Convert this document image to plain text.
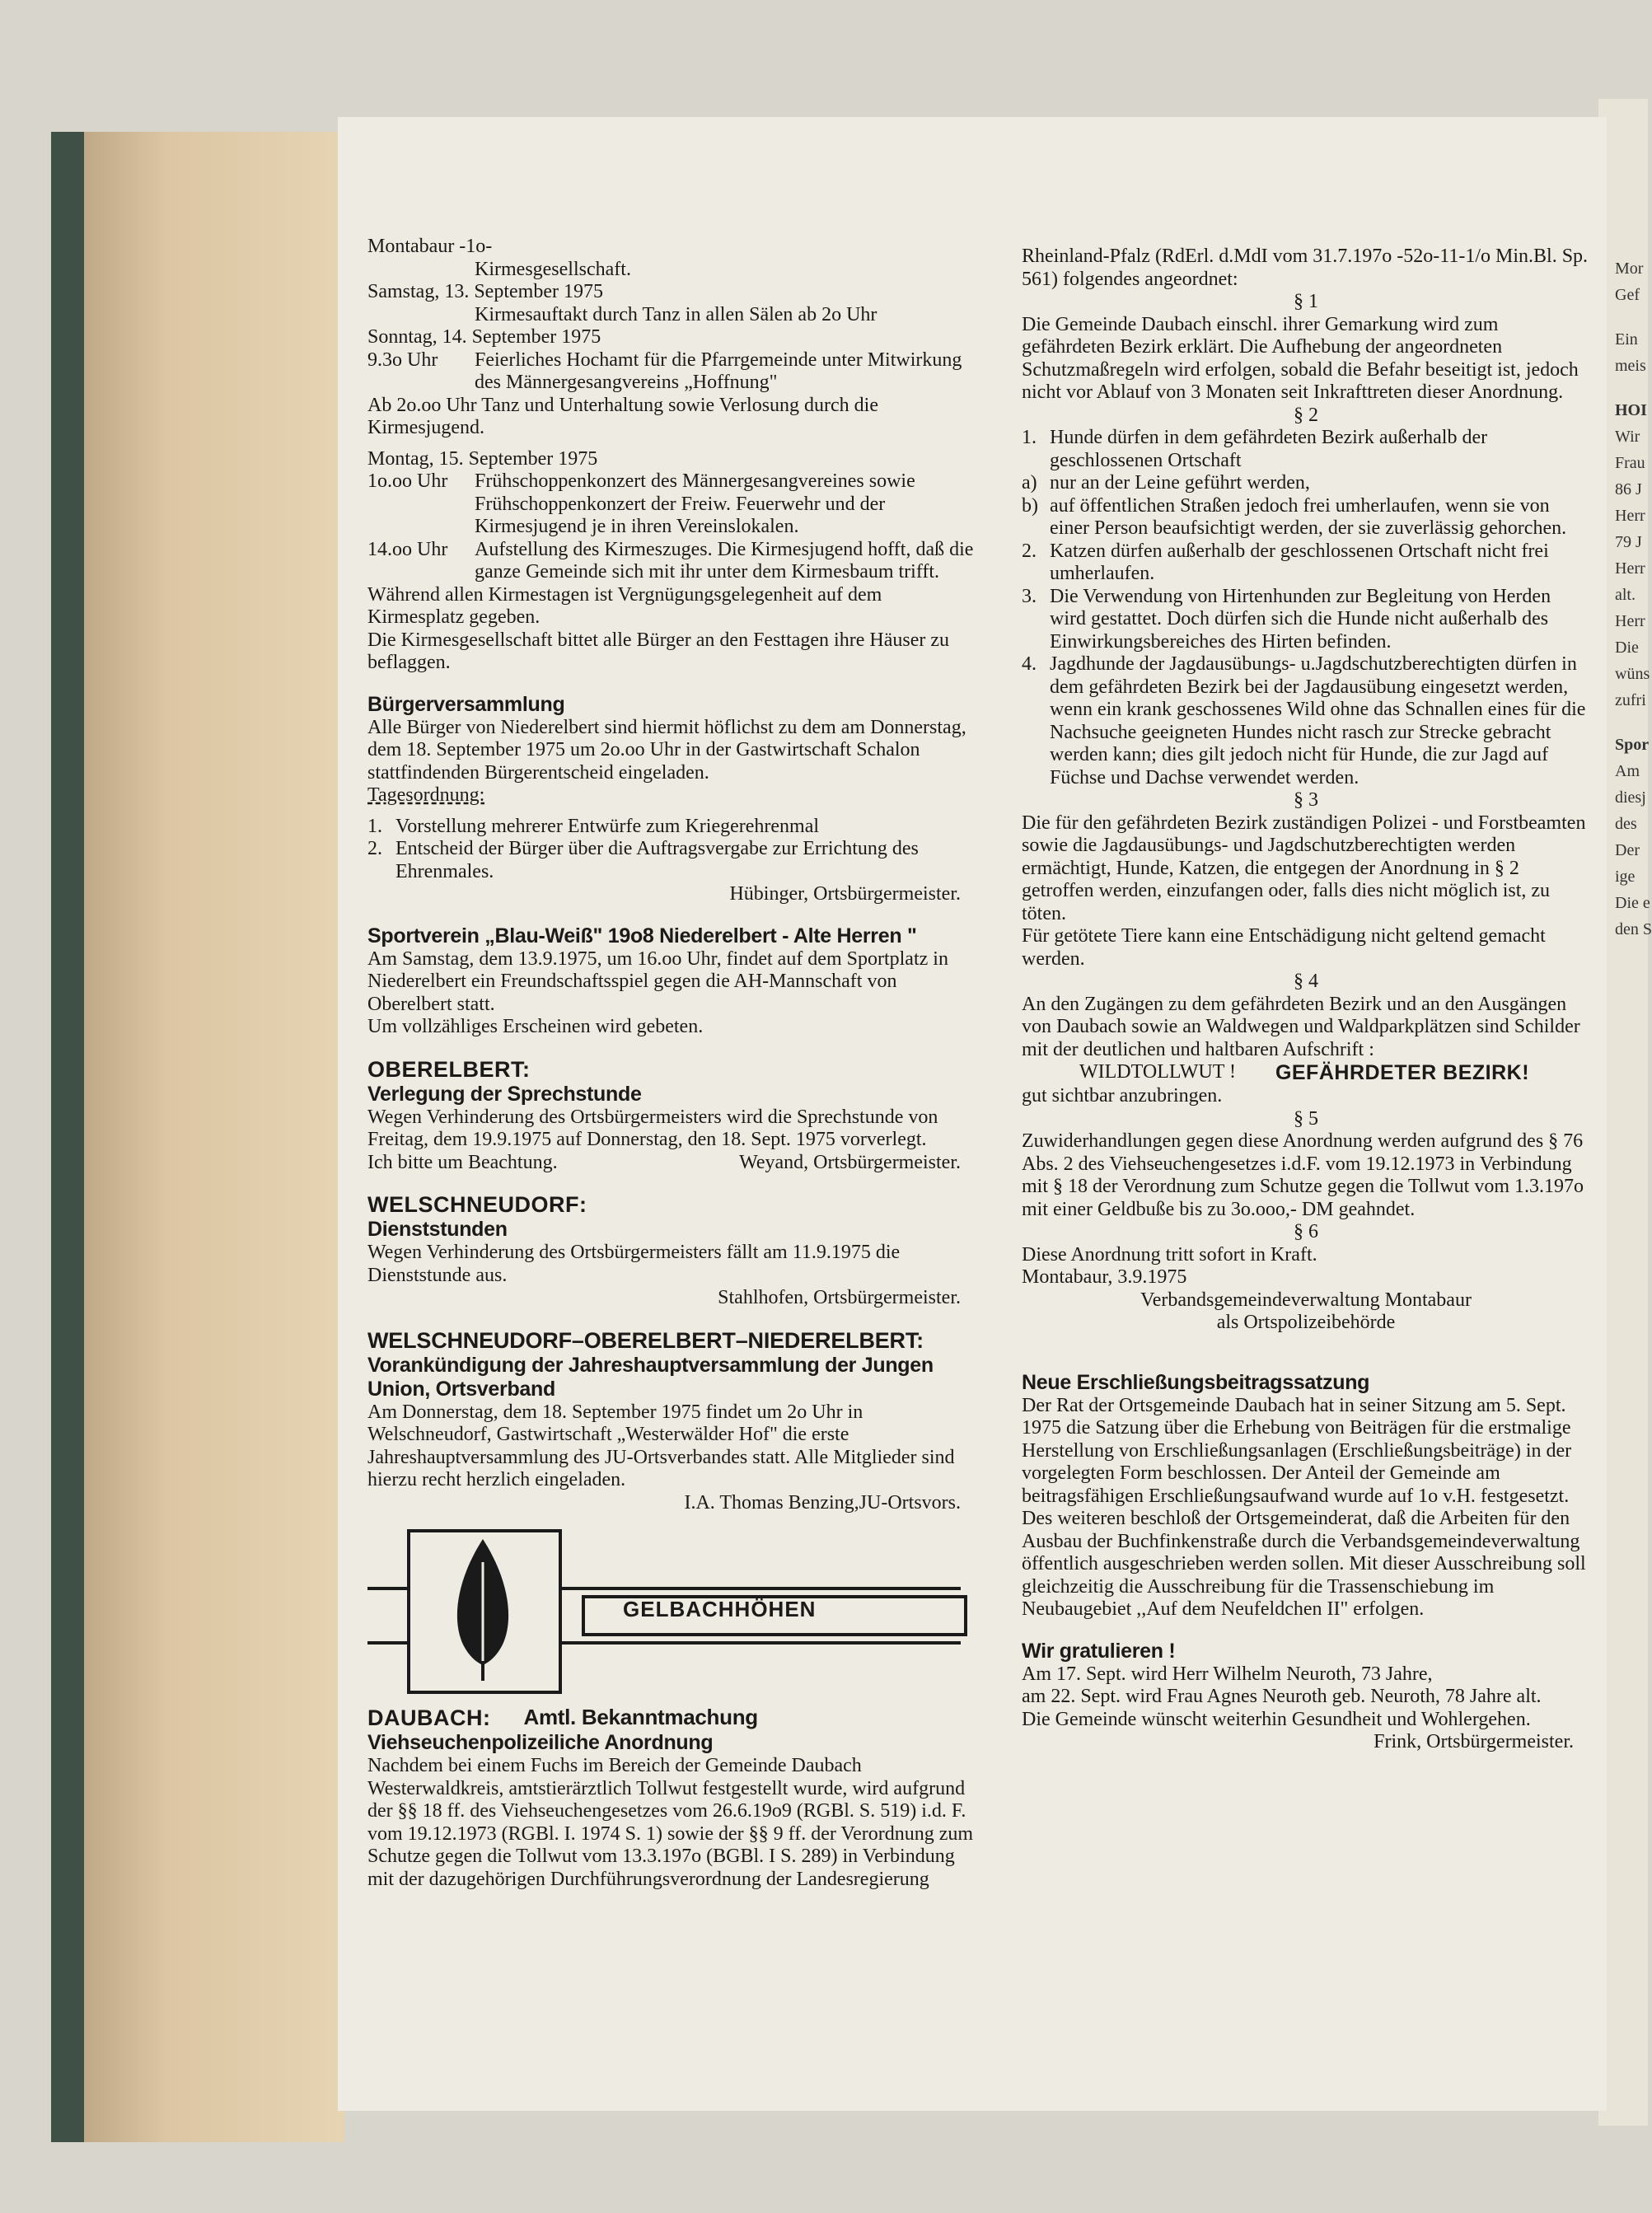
Mor
Gef
Ein
meis
HOI
Wir
Frau
86 J
Herr
79 J
Herr
alt.
Herr
Die
wüns
zufri
Spor
Am
diesj
des
Der
ige
Die e
den S
Montabaur -1o-
Kirmesgesellschaft.
Samstag, 13. September 1975
Kirmesauftakt durch Tanz in allen Sälen ab 2o Uhr
Sonntag, 14. September 1975
9.3o Uhr	Feierliches Hochamt für die Pfarrgemeinde unter Mitwirkung des Männergesangvereins „Hoffnung"
Ab 2o.oo Uhr Tanz und Unterhaltung sowie Verlosung durch die Kirmesjugend.
Montag, 15. September 1975
1o.oo Uhr	Frühschoppenkonzert des Männergesangvereines sowie Frühschoppenkonzert der Freiw. Feuerwehr und der Kirmesjugend je in ihren Vereinslokalen.
14.oo Uhr	Aufstellung des Kirmeszuges. Die Kirmesjugend hofft, daß die ganze Gemeinde sich mit ihr unter dem Kirmesbaum trifft.
Während allen Kirmestagen ist Vergnügungsgelegenheit auf dem Kirmesplatz gegeben.
Die Kirmesgesellschaft bittet alle Bürger an den Festtagen ihre Häuser zu beflaggen.
Bürgerversammlung
Alle Bürger von Niederelbert sind hiermit höflichst zu dem am Donnerstag, dem 18. September 1975 um 2o.oo Uhr in der Gastwirtschaft Schalon stattfindenden Bürgerentscheid eingeladen.
Tagesordnung:
1. Vorstellung mehrerer Entwürfe zum Kriegerehrenmal
2. Entscheid der Bürger über die Auftragsvergabe zur Errichtung des Ehrenmales.
Hübinger, Ortsbürgermeister.
Sportverein „Blau-Weiß" 19o8 Niederelbert - Alte Herren "
Am Samstag, dem 13.9.1975, um 16.oo Uhr, findet auf dem Sportplatz in Niederelbert ein Freundschaftsspiel gegen die AH-Mannschaft von Oberelbert statt.
Um vollzähliges Erscheinen wird gebeten.
OBERELBERT:
Verlegung der Sprechstunde
Wegen Verhinderung des Ortsbürgermeisters wird die Sprechstunde von Freitag, dem 19.9.1975 auf Donnerstag, den 18. Sept. 1975 vorverlegt.
Ich bitte um Beachtung.	Weyand, Ortsbürgermeister.
WELSCHNEUDORF:
Dienststunden
Wegen Verhinderung des Ortsbürgermeisters fällt am 11.9.1975 die Dienststunde aus.
Stahlhofen, Ortsbürgermeister.
WELSCHNEUDORF–OBERELBERT–NIEDERELBERT:
Vorankündigung der Jahreshauptversammlung der Jungen Union, Ortsverband
Am Donnerstag, dem 18. September 1975 findet um 2o Uhr in Welschneudorf, Gastwirtschaft „Westerwälder Hof" die erste Jahreshauptversammlung des JU-Ortsverbandes statt. Alle Mitglieder sind hierzu recht herzlich eingeladen.
I.A. Thomas Benzing,JU-Ortsvors.
GELBACHHÖHEN
DAUBACH: Amtl. Bekanntmachung
Viehseuchenpolizeiliche Anordnung
Nachdem bei einem Fuchs im Bereich der Gemeinde Daubach Westerwaldkreis, amtstierärztlich Tollwut festgestellt wurde, wird aufgrund der §§ 18 ff. des Viehseuchengesetzes vom 26.6.19o9 (RGBl. S. 519) i.d. F. vom 19.12.1973 (RGBl. I. 1974 S. 1) sowie der §§ 9 ff. der Verordnung zum Schutze gegen die Tollwut vom 13.3.197o (BGBl. I S. 289) in Verbindung mit der dazugehörigen Durchführungsverordnung der Landesregierung
Rheinland-Pfalz (RdErl. d.MdI vom 31.7.197o -52o-11-1/o Min.Bl. Sp. 561) folgendes angeordnet:
§ 1
Die Gemeinde Daubach einschl. ihrer Gemarkung wird zum gefährdeten Bezirk erklärt. Die Aufhebung der angeordneten Schutzmaßregeln wird erfolgen, sobald die Befahr beseitigt ist, jedoch nicht vor Ablauf von 3 Monaten seit Inkrafttreten dieser Anordnung.
§ 2
1. Hunde dürfen in dem gefährdeten Bezirk außerhalb der geschlossenen Ortschaft
a) nur an der Leine geführt werden,
b) auf öffentlichen Straßen jedoch frei umherlaufen, wenn sie von einer Person beaufsichtigt werden, der sie zuverlässig gehorchen.
2. Katzen dürfen außerhalb der geschlossenen Ortschaft nicht frei umherlaufen.
3. Die Verwendung von Hirtenhunden zur Begleitung von Herden wird gestattet. Doch dürfen sich die Hunde nicht außerhalb des Einwirkungsbereiches des Hirten befinden.
4. Jagdhunde der Jagdausübungs- u.Jagdschutzberechtigten dürfen in dem gefährdeten Bezirk bei der Jagdausübung eingesetzt werden, wenn ein krank geschossenes Wild ohne das Schnallen eines für die Nachsuche geeigneten Hundes nicht rasch zur Strecke gebracht werden kann; dies gilt jedoch nicht für Hunde, die zur Jagd auf Füchse und Dachse verwendet werden.
§ 3
Die für den gefährdeten Bezirk zuständigen Polizei - und Forstbeamten sowie die Jagdausübungs- und Jagdschutzberechtigten werden ermächtigt, Hunde, Katzen, die entgegen der Anordnung in § 2 getroffen werden, einzufangen oder, falls dies nicht möglich ist, zu töten.
Für getötete Tiere kann eine Entschädigung nicht geltend gemacht werden.
§ 4
An den Zugängen zu dem gefährdeten Bezirk und an den Ausgängen von Daubach sowie an Waldwegen und Waldparkplätzen sind Schilder mit der deutlichen und haltbaren Aufschrift :
WILDTOLLWUT ! GEFÄHRDETER BEZIRK!
gut sichtbar anzubringen.
§ 5
Zuwiderhandlungen gegen diese Anordnung werden aufgrund des § 76 Abs. 2 des Viehseuchengesetzes i.d.F. vom 19.12.1973 in Verbindung mit § 18 der Verordnung zum Schutze gegen die Tollwut vom 1.3.197o mit einer Geldbuße bis zu 3o.ooo,- DM geahndet.
§ 6
Diese Anordnung tritt sofort in Kraft.
Montabaur, 3.9.1975
Verbandsgemeindeverwaltung Montabaur
als Ortspolizeibehörde
Neue Erschließungsbeitragssatzung
Der Rat der Ortsgemeinde Daubach hat in seiner Sitzung am 5. Sept. 1975 die Satzung über die Erhebung von Beiträgen für die erstmalige Herstellung von Erschließungsanlagen (Erschließungsbeiträge) in der vorgelegten Form beschlossen. Der Anteil der Gemeinde am beitragsfähigen Erschließungsaufwand wurde auf 1o v.H. festgesetzt.
Des weiteren beschloß der Ortsgemeinderat, daß die Arbeiten für den Ausbau der Buchfinkenstraße durch die Verbandsgemeindeverwaltung öffentlich ausgeschrieben werden sollen. Mit dieser Ausschreibung soll gleichzeitig die Ausschreibung für die Trassenschiebung im Neubaugebiet ,,Auf dem Neufeldchen II" erfolgen.
Wir gratulieren !
Am 17. Sept. wird Herr Wilhelm Neuroth, 73 Jahre,
am 22. Sept. wird Frau Agnes Neuroth geb. Neuroth, 78 Jahre alt.
Die Gemeinde wünscht weiterhin Gesundheit und Wohlergehen.
Frink, Ortsbürgermeister.
